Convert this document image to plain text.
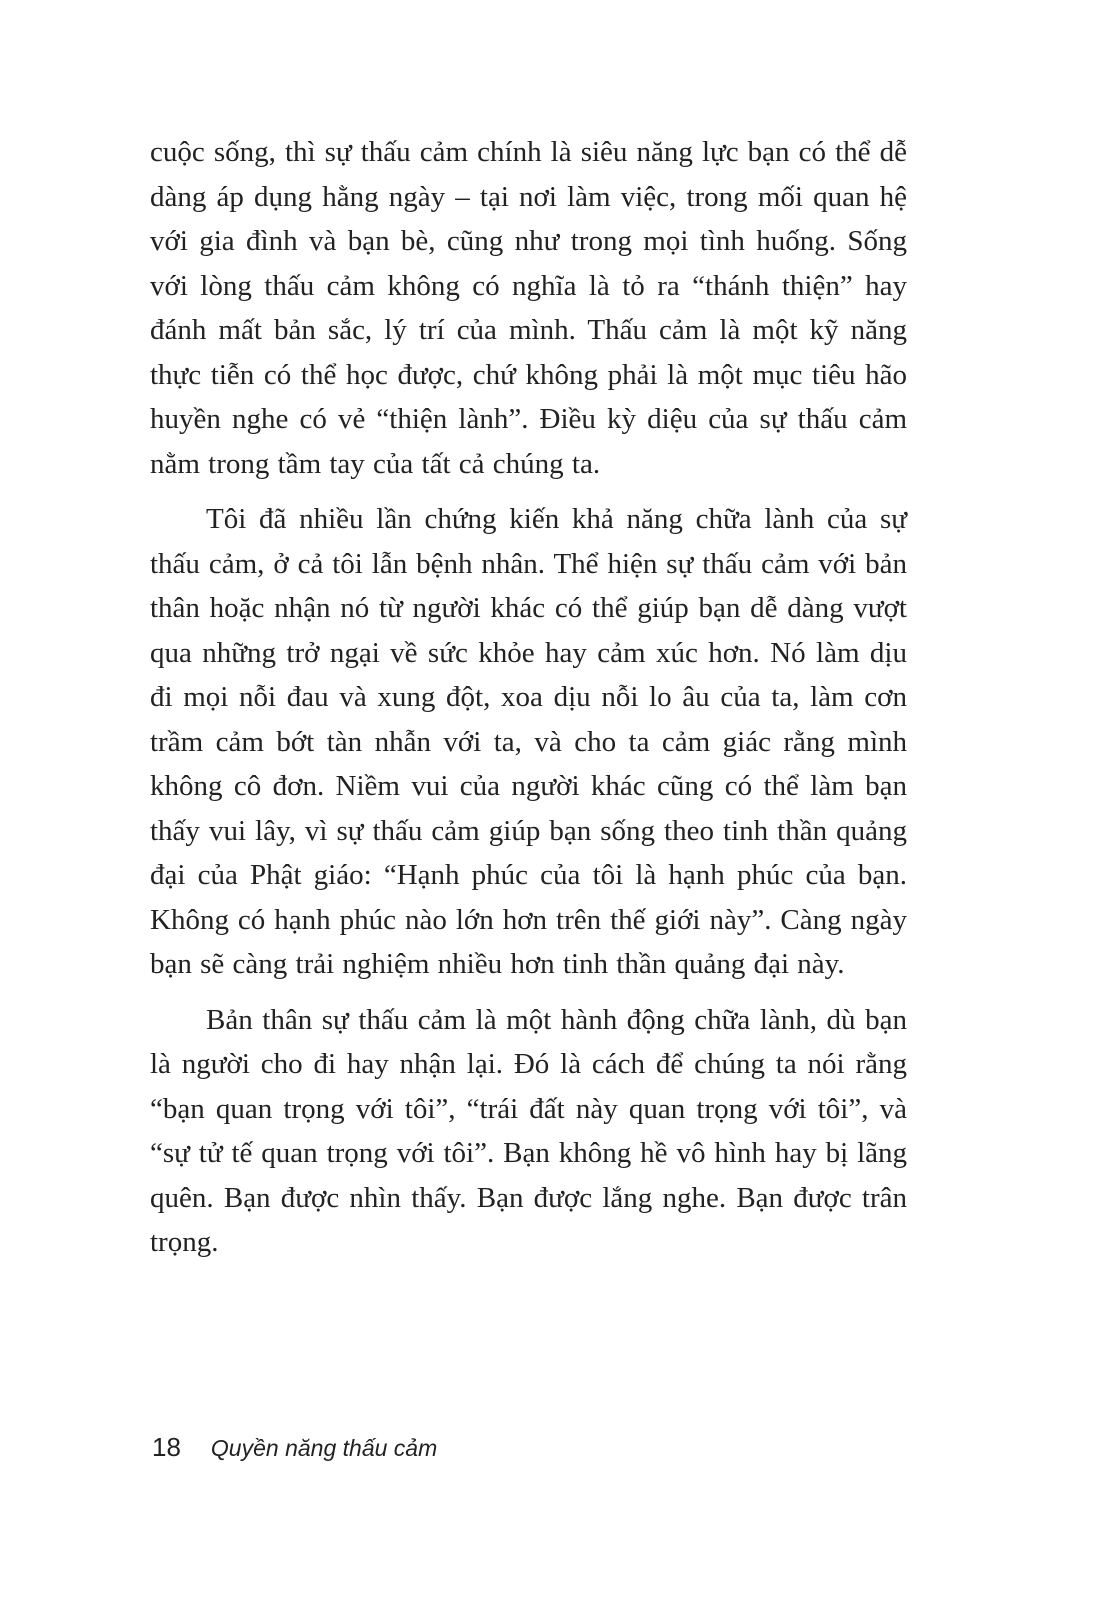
cuộc sống, thì sự thấu cảm chính là siêu năng lực bạn có thể dễ dàng áp dụng hằng ngày – tại nơi làm việc, trong mối quan hệ với gia đình và bạn bè, cũng như trong mọi tình huống. Sống với lòng thấu cảm không có nghĩa là tỏ ra “thánh thiện” hay đánh mất bản sắc, lý trí của mình. Thấu cảm là một kỹ năng thực tiễn có thể học được, chứ không phải là một mục tiêu hão huyền nghe có vẻ “thiện lành”. Điều kỳ diệu của sự thấu cảm nằm trong tầm tay của tất cả chúng ta.

Tôi đã nhiều lần chứng kiến khả năng chữa lành của sự thấu cảm, ở cả tôi lẫn bệnh nhân. Thể hiện sự thấu cảm với bản thân hoặc nhận nó từ người khác có thể giúp bạn dễ dàng vượt qua những trở ngại về sức khỏe hay cảm xúc hơn. Nó làm dịu đi mọi nỗi đau và xung đột, xoa dịu nỗi lo âu của ta, làm cơn trầm cảm bớt tàn nhẫn với ta, và cho ta cảm giác rằng mình không cô đơn. Niềm vui của người khác cũng có thể làm bạn thấy vui lây, vì sự thấu cảm giúp bạn sống theo tinh thần quảng đại của Phật giáo: “Hạnh phúc của tôi là hạnh phúc của bạn. Không có hạnh phúc nào lớn hơn trên thế giới này”. Càng ngày bạn sẽ càng trải nghiệm nhiều hơn tinh thần quảng đại này.

Bản thân sự thấu cảm là một hành động chữa lành, dù bạn là người cho đi hay nhận lại. Đó là cách để chúng ta nói rằng “bạn quan trọng với tôi”, “trái đất này quan trọng với tôi”, và “sự tử tế quan trọng với tôi”. Bạn không hề vô hình hay bị lãng quên. Bạn được nhìn thấy. Bạn được lắng nghe. Bạn được trân trọng.

18 Quyền năng thấu cảm
